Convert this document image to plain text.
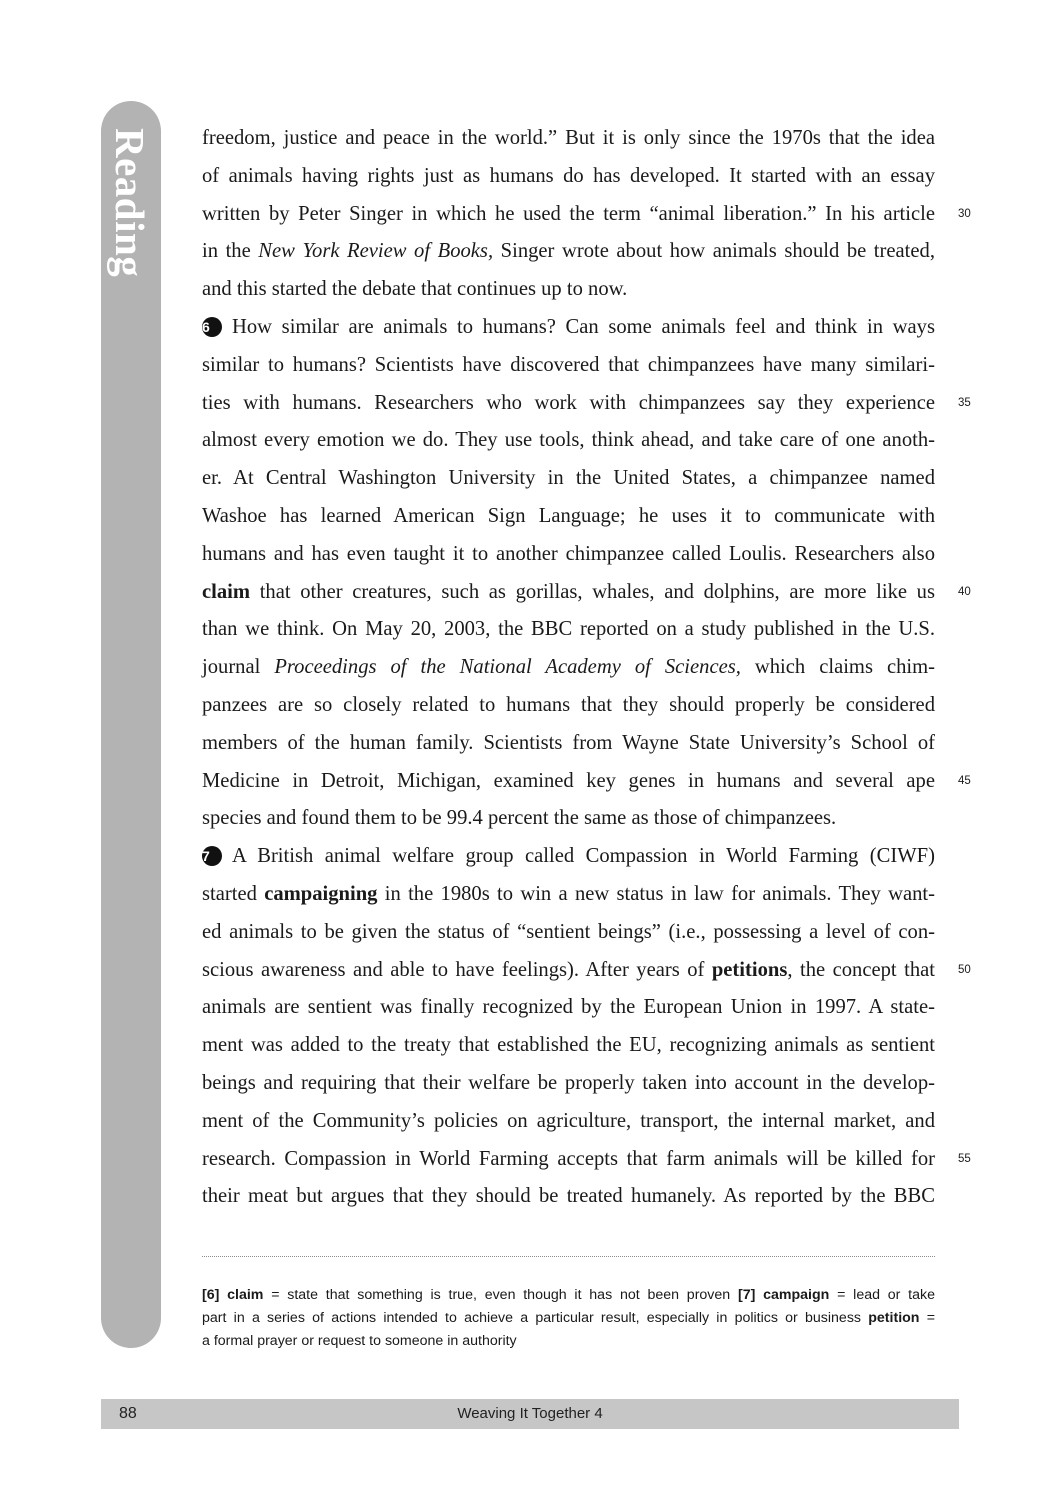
Reading freedom, justice and peace in the world.” But it is only since the 1970s that the idea
of animals having rights just as humans do has developed. It started with an essay
written by Peter Singer in which he used the term “animal liberation.” In his article
in the New York Review of Books, Singer wrote about how animals should be treated,
and this started the debate that continues up to now.
6 How similar are animals to humans? Can some animals feel and think in ways
similar to humans? Scientists have discovered that chimpanzees have many similari-
ties with humans. Researchers who work with chimpanzees say they experience
almost every emotion we do. They use tools, think ahead, and take care of one anoth-
er. At Central Washington University in the United States, a chimpanzee named
Washoe has learned American Sign Language; he uses it to communicate with
humans and has even taught it to another chimpanzee called Loulis. Researchers also
claim that other creatures, such as gorillas, whales, and dolphins, are more like us
than we think. On May 20, 2003, the BBC reported on a study published in the U.S.
journal Proceedings of the National Academy of Sciences, which claims chim-
panzees are so closely related to humans that they should properly be considered
members of the human family. Scientists from Wayne State University’s School of
Medicine in Detroit, Michigan, examined key genes in humans and several ape
species and found them to be 99.4 percent the same as those of chimpanzees.
7 A British animal welfare group called Compassion in World Farming (CIWF)
started campaigning in the 1980s to win a new status in law for animals. They want-
ed animals to be given the status of “sentient beings” (i.e., possessing a level of con-
scious awareness and able to have feelings). After years of petitions, the concept that
animals are sentient was finally recognized by the European Union in 1997. A state-
ment was added to the treaty that established the EU, recognizing animals as sentient
beings and requiring that their welfare be properly taken into account in the develop-
ment of the Community’s policies on agriculture, transport, the internal market, and
research. Compassion in World Farming accepts that farm animals will be killed for
their meat but argues that they should be treated humanely. As reported by the BBC
30
35
40
45
50
55
[6] claim = state that something is true, even though it has not been proven [7] campaign = lead or take
part in a series of actions intended to achieve a particular result, especially in politics or business petition =
a formal prayer or request to someone in authority
88	Weaving It Together 4
